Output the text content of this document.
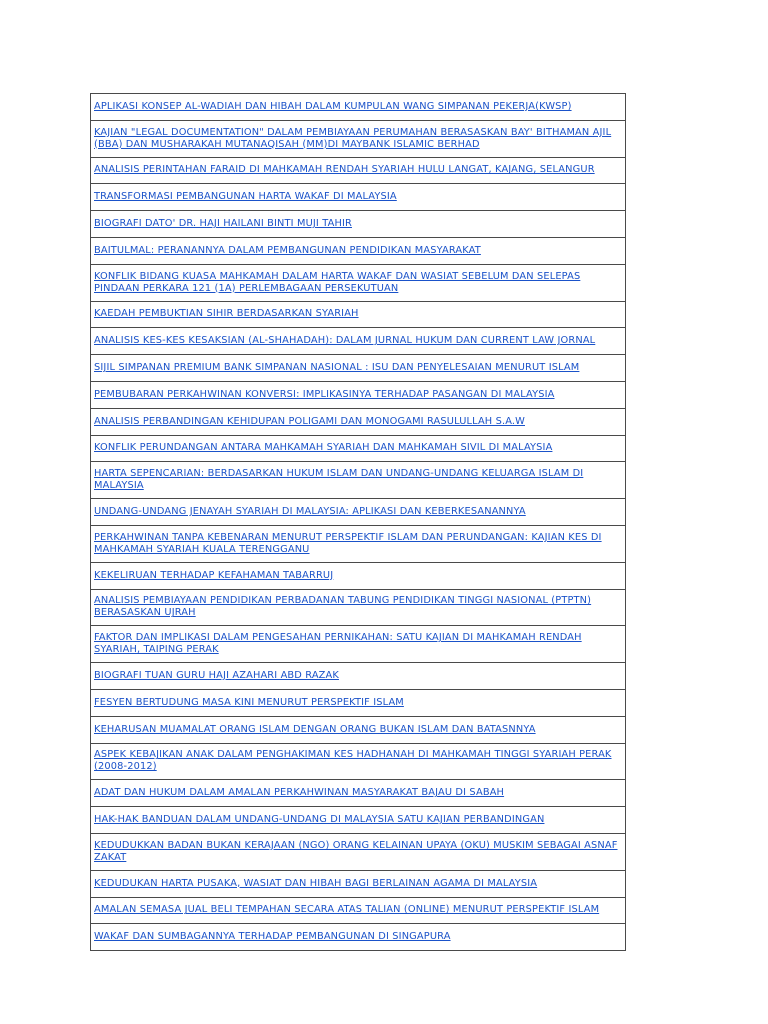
APLIKASI KONSEP AL-WADIAH DAN HIBAH DALAM KUMPULAN WANG SIMPANAN PEKERJA(KWSP)
KAJIAN "LEGAL DOCUMENTATION" DALAM PEMBIAYAAN PERUMAHAN BERASASKAN BAY' BITHAMAN AJIL (BBA) DAN MUSHARAKAH MUTANAQISAH (MM)DI MAYBANK ISLAMIC BERHAD
ANALISIS PERINTAHAN FARAID DI MAHKAMAH RENDAH SYARIAH HULU LANGAT, KAJANG, SELANGUR
TRANSFORMASI PEMBANGUNAN HARTA WAKAF DI MALAYSIA
BIOGRAFI DATO' DR. HAJI HAILANI BINTI MUJI TAHIR
BAITULMAL: PERANANNYA DALAM PEMBANGUNAN PENDIDIKAN MASYARAKAT
KONFLIK BIDANG KUASA MAHKAMAH DALAM HARTA WAKAF DAN WASIAT SEBELUM DAN SELEPAS PINDAAN PERKARA 121 (1A) PERLEMBAGAAN PERSEKUTUAN
KAEDAH PEMBUKTIAN SIHIR BERDASARKAN SYARIAH
ANALISIS KES-KES KESAKSIAN (AL-SHAHADAH): DALAM JURNAL HUKUM DAN CURRENT LAW JORNAL
SIJIL SIMPANAN PREMIUM BANK SIMPANAN NASIONAL : ISU DAN PENYELESAIAN MENURUT ISLAM
PEMBUBARAN PERKAHWINAN KONVERSI: IMPLIKASINYA TERHADAP PASANGAN DI MALAYSIA
ANALISIS PERBANDINGAN KEHIDUPAN POLIGAMI DAN MONOGAMI RASULULLAH S.A.W
KONFLIK PERUNDANGAN ANTARA MAHKAMAH SYARIAH DAN MAHKAMAH SIVIL DI MALAYSIA
HARTA SEPENCARIAN: BERDASARKAN HUKUM ISLAM DAN UNDANG-UNDANG KELUARGA ISLAM DI MALAYSIA
UNDANG-UNDANG JENAYAH SYARIAH DI MALAYSIA: APLIKASI DAN KEBERKESANANNYA
PERKAHWINAN TANPA KEBENARAN MENURUT PERSPEKTIF ISLAM DAN PERUNDANGAN: KAJIAN KES DI MAHKAMAH SYARIAH KUALA TERENGGANU
KEKELIRUAN TERHADAP KEFAHAMAN TABARRUJ
ANALISIS PEMBIAYAAN PENDIDIKAN PERBADANAN TABUNG PENDIDIKAN TINGGI NASIONAL (PTPTN) BERASASKAN UJRAH
FAKTOR DAN IMPLIKASI DALAM PENGESAHAN PERNIKAHAN: SATU KAJIAN DI MAHKAMAH RENDAH SYARIAH, TAIPING PERAK
BIOGRAFI TUAN GURU HAJI AZAHARI ABD RAZAK
FESYEN BERTUDUNG MASA KINI MENURUT PERSPEKTIF ISLAM
KEHARUSAN MUAMALAT ORANG ISLAM DENGAN ORANG BUKAN ISLAM DAN BATASNNYA
ASPEK KEBAJIKAN ANAK DALAM PENGHAKIMAN KES HADHANAH DI MAHKAMAH TINGGI SYARIAH PERAK (2008-2012)
ADAT DAN HUKUM DALAM AMALAN PERKAHWINAN MASYARAKAT BAJAU DI SABAH
HAK-HAK BANDUAN DALAM UNDANG-UNDANG DI MALAYSIA SATU KAJIAN PERBANDINGAN
KEDUDUKKAN BADAN BUKAN KERAJAAN (NGO) ORANG KELAINAN UPAYA (OKU) MUSKIM SEBAGAI ASNAF ZAKAT
KEDUDUKAN HARTA PUSAKA, WASIAT DAN HIBAH BAGI BERLAINAN AGAMA DI MALAYSIA
AMALAN SEMASA JUAL BELI TEMPAHAN SECARA ATAS TALIAN (ONLINE) MENURUT PERSPEKTIF ISLAM
WAKAF DAN SUMBAGANNYA TERHADAP PEMBANGUNAN DI SINGAPURA
